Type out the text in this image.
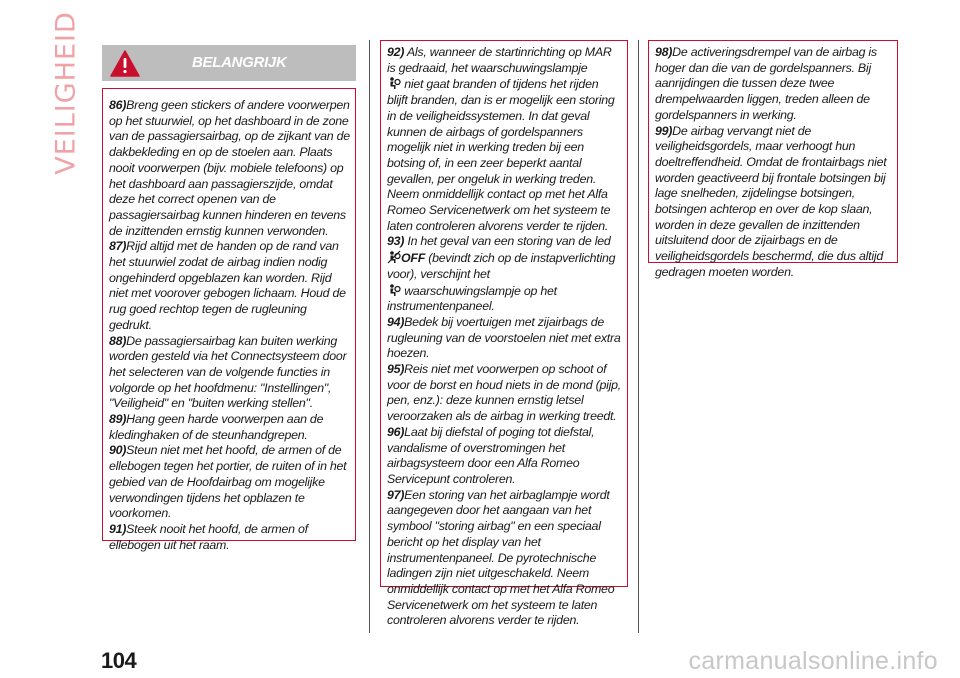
VEILIGHEID	BELANGRIJK

86)Breng geen stickers of andere voorwerpen op het stuurwiel, op het dashboard in de zone van de passagiersairbag, op de zijkant van de dakbekleding en op de stoelen aan. Plaats nooit voorwerpen (bijv. mobiele telefoons) op het dashboard aan passagierszijde, omdat deze het correct openen van de passagiersairbag kunnen hinderen en tevens de inzittenden ernstig kunnen verwonden.

87)Rijd altijd met de handen op de rand van het stuurwiel zodat de airbag indien nodig ongehinderd opgeblazen kan worden. Rijd niet met voorover gebogen lichaam. Houd de rug goed rechtop tegen de rugleuning gedrukt.

88)De passagiersairbag kan buiten werking worden gesteld via het Connectsysteem door het selecteren van de volgende functies in volgorde op het hoofdmenu: "Instellingen", "Veiligheid" en "buiten werking stellen".

89)Hang geen harde voorwerpen aan de kledinghaken of de steunhandgrepen.

90)Steun niet met het hoofd, de armen of de ellebogen tegen het portier, de ruiten of in het gebied van de Hoofdairbag om mogelijke verwondingen tijdens het opblazen te voorkomen.

91)Steek nooit het hoofd, de armen of ellebogen uit het raam.

92) Als, wanneer de startinrichting op MAR is gedraaid, het waarschuwingslampje
niet gaat branden of tijdens het rijden blijft branden, dan is er mogelijk een storing in de veiligheidssystemen. In dat geval kunnen de airbags of gordelspanners mogelijk niet in werking treden bij een botsing of, in een zeer beperkt aantal gevallen, per ongeluk in werking treden. Neem onmiddellijk contact op met het Alfa Romeo Servicenetwerk om het systeem te laten controleren alvorens verder te rijden.

93) In het geval van een storing van de led
OFF (bevindt zich op de instapverlichting voor), verschijnt het
waarschuwingslampje op het instrumentenpaneel.

94)Bedek bij voertuigen met zijairbags de rugleuning van de voorstoelen niet met extra hoezen.

95)Reis niet met voorwerpen op schoot of voor de borst en houd niets in de mond (pijp, pen, enz.): deze kunnen ernstig letsel veroorzaken als de airbag in werking treedt.

96)Laat bij diefstal of poging tot diefstal, vandalisme of overstromingen het airbagsysteem door een Alfa Romeo Servicepunt controleren.

97)Een storing van het airbaglampje wordt aangegeven door het aangaan van het symbool "storing airbag" en een speciaal bericht op het display van het instrumentenpaneel. De pyrotechnische ladingen zijn niet uitgeschakeld. Neem onmiddellijk contact op met het Alfa Romeo Servicenetwerk om het systeem te laten controleren alvorens verder te rijden.

98)De activeringsdrempel van de airbag is hoger dan die van de gordelspanners. Bij aanrijdingen die tussen deze twee drempelwaarden liggen, treden alleen de gordelspanners in werking.

99)De airbag vervangt niet de veiligheidsgordels, maar verhoogt hun doeltreffendheid. Omdat de frontairbags niet worden geactiveerd bij frontale botsingen bij lage snelheden, zijdelingse botsingen, botsingen achterop en over de kop slaan, worden in deze gevallen de inzittenden uitsluitend door de zijairbags en de veiligheidsgordels beschermd, die dus altijd gedragen moeten worden.

104	carmanualsonline.info
